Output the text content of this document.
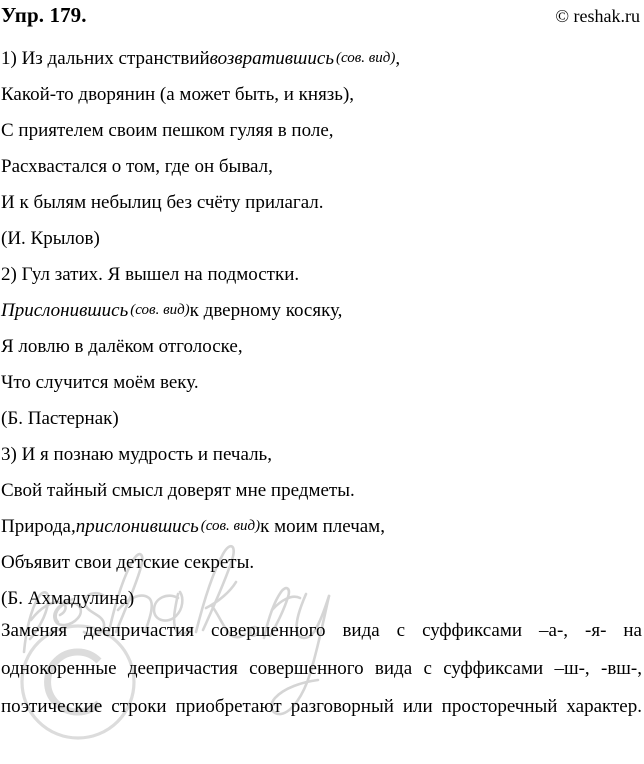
© reshak.ru
Упр. 179.
1) Из дальних странствий возвратившись (сов. вид) ,
Какой-то дворянин (а может быть, и князь),
С приятелем своим пешком гуляя в поле,
Расхвастался о том, где он бывал,
И к былям небылиц без счёту прилагал.
(И. Крылов)
2) Гул затих. Я вышел на подмостки.
Прислонившись (сов. вид) к дверному косяку,
Я ловлю в далёком отголоске,
Что случится моём веку.
(Б. Пастернак)
3) И я познаю мудрость и печаль,
Свой тайный смысл доверят мне предметы.
Природа, прислонившись (сов. вид) к моим плечам,
Объявит свои детские секреты.
(Б. Ахмадулина)

Заменяя деепричастия совершенного вида с суффиксами –а-, -я- на однокоренные деепричастия совершенного вида с суффиксами –ш-, -вш-, поэтические строки приобретают разговорный или просторечный характер.
